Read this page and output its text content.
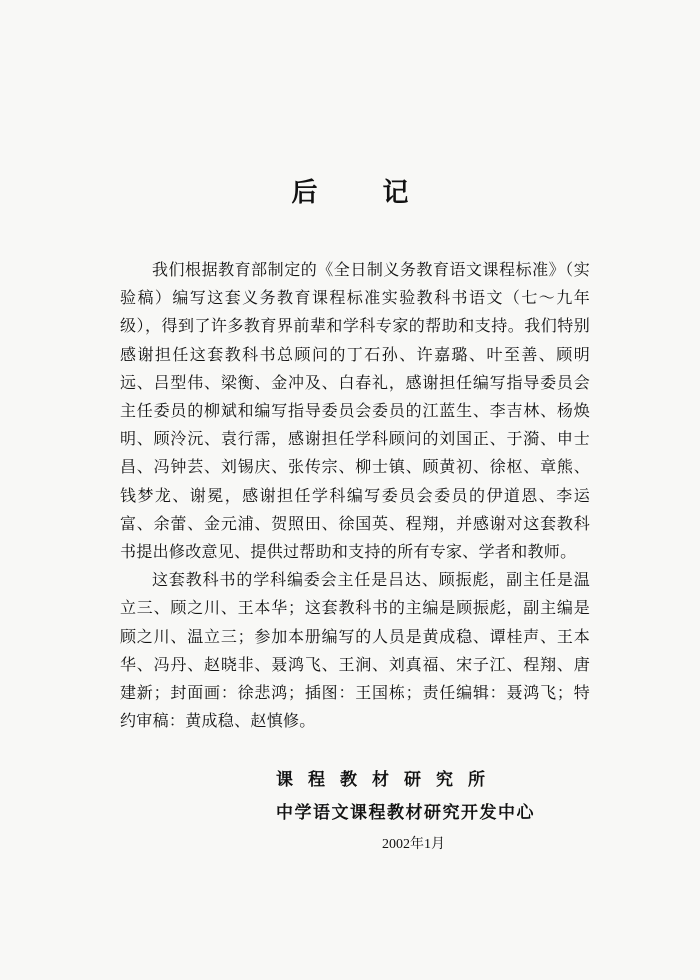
后 记

我们根据教育部制定的《全日制义务教育语文课程标准》（实验稿）编写这套义务教育课程标准实验教科书语文（七～九年级），得到了许多教育界前辈和学科专家的帮助和支持。我们特别感谢担任这套教科书总顾问的丁石孙、许嘉璐、叶至善、顾明远、吕型伟、梁衡、金冲及、白春礼，感谢担任编写指导委员会主任委员的柳斌和编写指导委员会委员的江蓝生、李吉林、杨焕明、顾泠沅、袁行霈，感谢担任学科顾问的刘国正、于漪、申士昌、冯钟芸、刘锡庆、张传宗、柳士镇、顾黄初、徐枢、章熊、钱梦龙、谢冕，感谢担任学科编写委员会委员的伊道恩、李运富、余蕾、金元浦、贺照田、徐国英、程翔，并感谢对这套教科书提出修改意见、提供过帮助和支持的所有专家、学者和教师。

这套教科书的学科编委会主任是吕达、顾振彪，副主任是温立三、顾之川、王本华；这套教科书的主编是顾振彪，副主编是顾之川、温立三；参加本册编写的人员是黄成稳、谭桂声、王本华、冯丹、赵晓非、聂鸿飞、王涧、刘真福、宋子江、程翔、唐建新；封面画：徐悲鸿；插图：王国栋；责任编辑：聂鸿飞；特约审稿：黄成稳、赵慎修。

课程教材研究所
中学语文课程教材研究开发中心
2002年1月
